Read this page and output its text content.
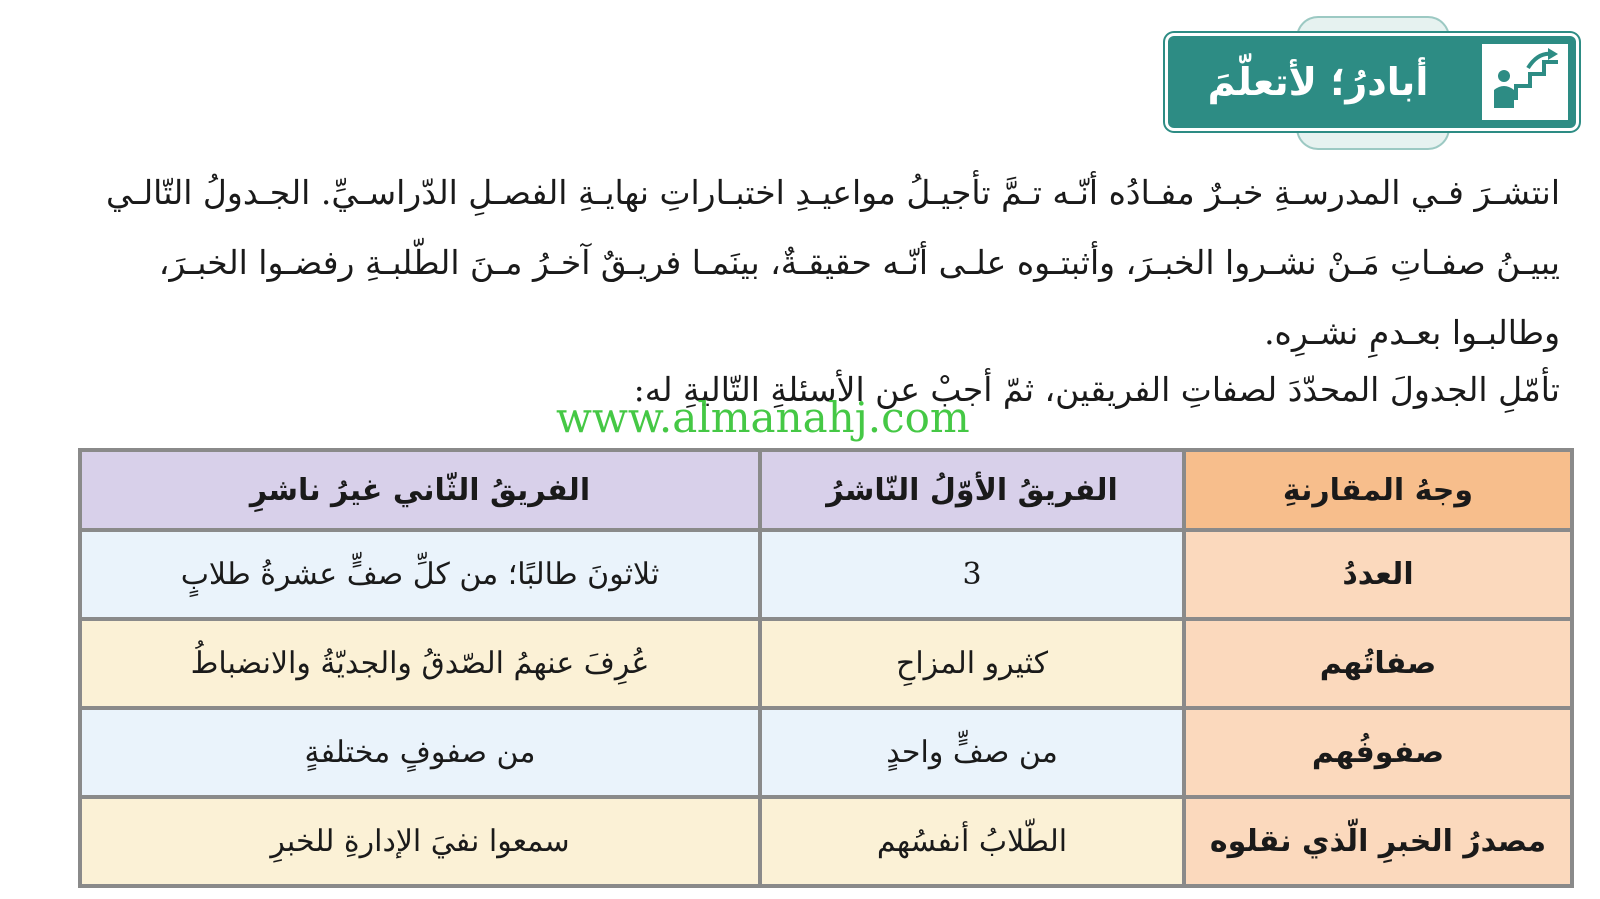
أبادرُ؛ لأتعلّمَ
انتشـرَ فـي المدرسـةِ خبـرٌ مفـادُه أنّـه تـمَّ تأجيـلُ مواعيـدِ اختبـاراتِ نهايـةِ الفصـلِ الدّراسـيِّ. الجـدولُ التّالـي
يبيـنُ صفـاتِ مَـنْ نشـروا الخبـرَ، وأثبتـوه علـى أنّـه حقيقـةٌ، بينَمـا فريـقٌ آخـرُ مـنَ الطّلبـةِ رفضـوا الخبـرَ،
وطالبـوا بعـدمِ نشـرِه.
تأمّلِ الجدولَ المحدّدَ لصفاتِ الفريقين، ثمّ أجبْ عن الأسئلةِ التّاليةِ له:
www.almanahj.com
وجهُ المقارنةِ	الفريقُ الأوّلُ النّاشرُ	الفريقُ الثّاني غيرُ ناشرِ
العددُ	3	ثلاثونَ طالبًا؛ من كلِّ صفٍّ عشرةُ طلابٍ
صفاتُهم	كثيرو المزاحِ	عُرِفَ عنهمُ الصّدقُ والجديّةُ والانضباطُ
صفوفُهم	من صفٍّ واحدٍ	من صفوفٍ مختلفةٍ
مصدرُ الخبرِ الّذي نقلوه	الطّلابُ أنفسُهم	سمعوا نفيَ الإدارةِ للخبرِ
